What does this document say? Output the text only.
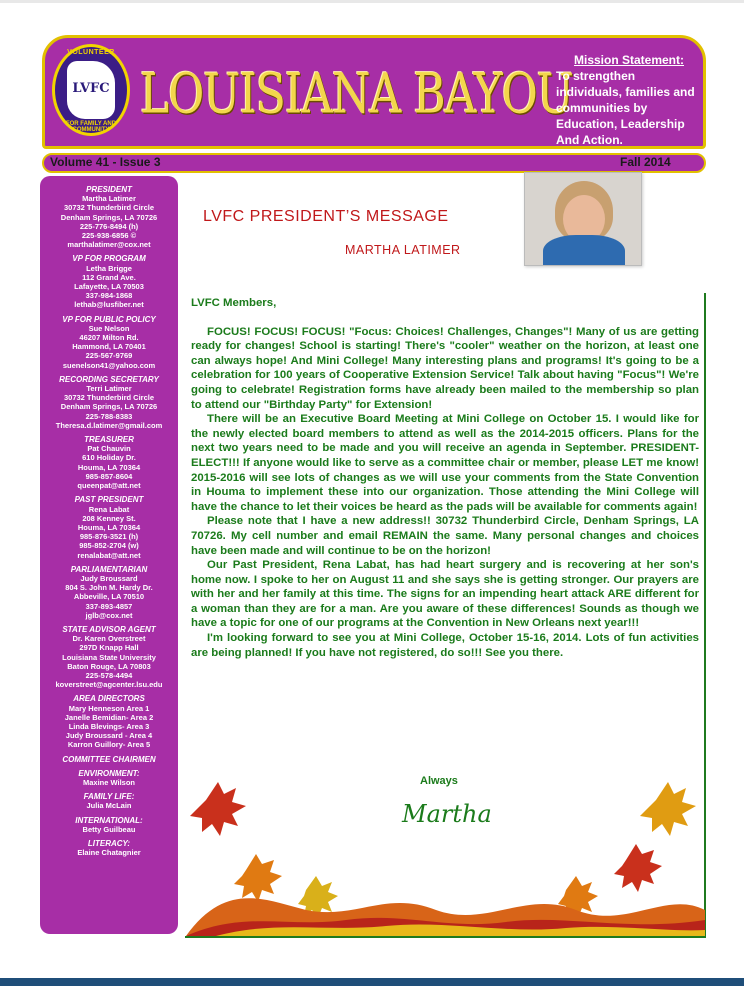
VOLUNTEER
LVFC
FOR FAMILY AND COMMUNITY
LOUISIANA BAYOU
Mission Statement:
To strengthen individuals, families and communities by Education, Leadership And Action.
Volume 41 - Issue 3	Fall 2014
PRESIDENT
Martha Latimer
30732 Thunderbird Circle
Denham Springs, LA 70726
225-776-8494 (h)
225-938-6856 ©
marthalatimer@cox.net
VP FOR PROGRAM
Letha Brigge
112 Grand Ave.
Lafayette, LA 70503
337-984-1868
lethab@lusfiber.net
VP FOR PUBLIC POLICY
Sue Nelson
46207 Milton Rd.
Hammond, LA 70401
225-567-9769
suenelson41@yahoo.com
RECORDING SECRETARY
Terri Latimer
30732 Thunderbird Circle
Denham Springs, LA 70726
225-788-8383
Theresa.d.latimer@gmail.com
TREASURER
Pat Chauvin
610 Holiday Dr.
Houma, LA 70364
985-857-8604
queenpat@att.net
PAST PRESIDENT
Rena Labat
208 Kenney St.
Houma, LA 70364
985-876-3521 (h)
985-852-2704 (w)
renalabat@att.net
PARLIAMENTARIAN
Judy Broussard
804 S. John M. Hardy Dr.
Abbeville, LA 70510
337-893-4857
jglb@cox.net
STATE ADVISOR AGENT
Dr. Karen Overstreet
297D Knapp Hall
Louisiana State University
Baton Rouge, LA 70803
225-578-4494
koverstreet@agcenter.lsu.edu
AREA DIRECTORS
Mary Henneson Area 1
Janelle Bemidian- Area 2
Linda Blevings- Area 3
Judy Broussard - Area 4
Karron Guillory- Area 5
COMMITTEE CHAIRMEN
ENVIRONMENT:
Maxine Wilson
FAMILY LIFE:
Julia McLain
INTERNATIONAL:
Betty Guilbeau
LITERACY:
Elaine Chatagnier
LVFC PRESIDENT’S MESSAGE
MARTHA LATIMER

LVFC Members,

FOCUS! FOCUS! FOCUS! "Focus: Choices! Challenges, Changes"! Many of us are getting ready for changes! School is starting! There's "cooler" weather on the horizon, at least one can always hope! And Mini College! Many interesting plans and programs! It's going to be a celebration for 100 years of Cooperative Extension Service! Talk about having "Focus"! We're going to celebrate! Registration forms have already been mailed to the membership so plan to attend our "Birthday Party" for Extension!

There will be an Executive Board Meeting at Mini College on October 15. I would like for the newly elected board members to attend as well as the 2014-2015 officers. Plans for the next two years need to be made and you will receive an agenda in September. PRESIDENT-ELECT!!! If anyone would like to serve as a committee chair or member, please LET me know! 2015-2016 will see lots of changes as we will use your comments from the State Convention in Houma to implement these into our organization. Those attending the Mini College will have the chance to let their voices be heard as the pads will be available for comments again!

Please note that I have a new address!! 30732 Thunderbird Circle, Denham Springs, LA 70726. My cell number and email REMAIN the same. Many personal changes and choices have been made and will continue to be on the horizon!

Our Past President, Rena Labat, has had heart surgery and is recovering at her son's home now. I spoke to her on August 11 and she says she is getting stronger. Our prayers are with her and her family at this time. The signs for an impending heart attack ARE different for a woman than they are for a man. Are you aware of these differences! Sounds as though we have a topic for one of our programs at the Convention in New Orleans next year!!!

I'm looking forward to see you at Mini College, October 15-16, 2014. Lots of fun activities are being planned! If you have not registered, do so!!! See you there.

Always
Martha
